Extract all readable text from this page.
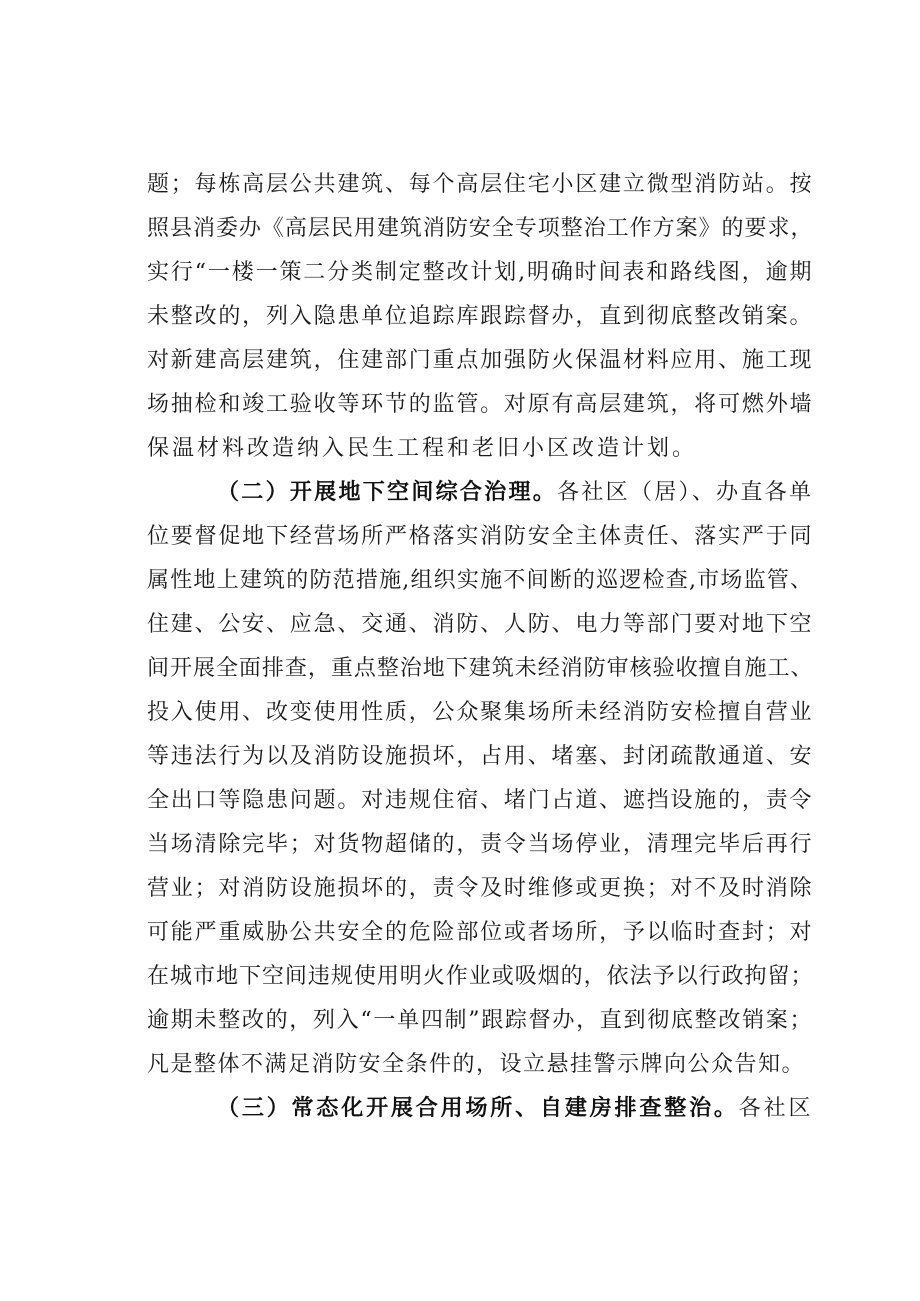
题；每栋高层公共建筑、每个高层住宅小区建立微型消防站。按
照县消委办《高层民用建筑消防安全专项整治工作方案》的要求，
实行“一楼一策二分类制定整改计划,明确时间表和路线图，逾期
未整改的，列入隐患单位追踪库跟踪督办，直到彻底整改销案。
对新建高层建筑，住建部门重点加强防火保温材料应用、施工现
场抽检和竣工验收等环节的监管。对原有高层建筑，将可燃外墙
保温材料改造纳入民生工程和老旧小区改造计划。
（二）开展地下空间综合治理。各社区（居）、办直各单
位要督促地下经营场所严格落实消防安全主体责任、落实严于同
属性地上建筑的防范措施,组织实施不间断的巡逻检查,市场监管、
住建、公安、应急、交通、消防、人防、电力等部门要对地下空
间开展全面排查，重点整治地下建筑未经消防审核验收擅自施工、
投入使用、改变使用性质，公众聚集场所未经消防安检擅自营业
等违法行为以及消防设施损坏，占用、堵塞、封闭疏散通道、安
全出口等隐患问题。对违规住宿、堵门占道、遮挡设施的，责令
当场清除完毕；对货物超储的，责令当场停业，清理完毕后再行
营业；对消防设施损坏的，责令及时维修或更换；对不及时消除
可能严重威胁公共安全的危险部位或者场所，予以临时查封；对
在城市地下空间违规使用明火作业或吸烟的，依法予以行政拘留；
逾期未整改的，列入“一单四制”跟踪督办，直到彻底整改销案；
凡是整体不满足消防安全条件的，设立悬挂警示牌向公众告知。
（三）常态化开展合用场所、自建房排查整治。各社区
